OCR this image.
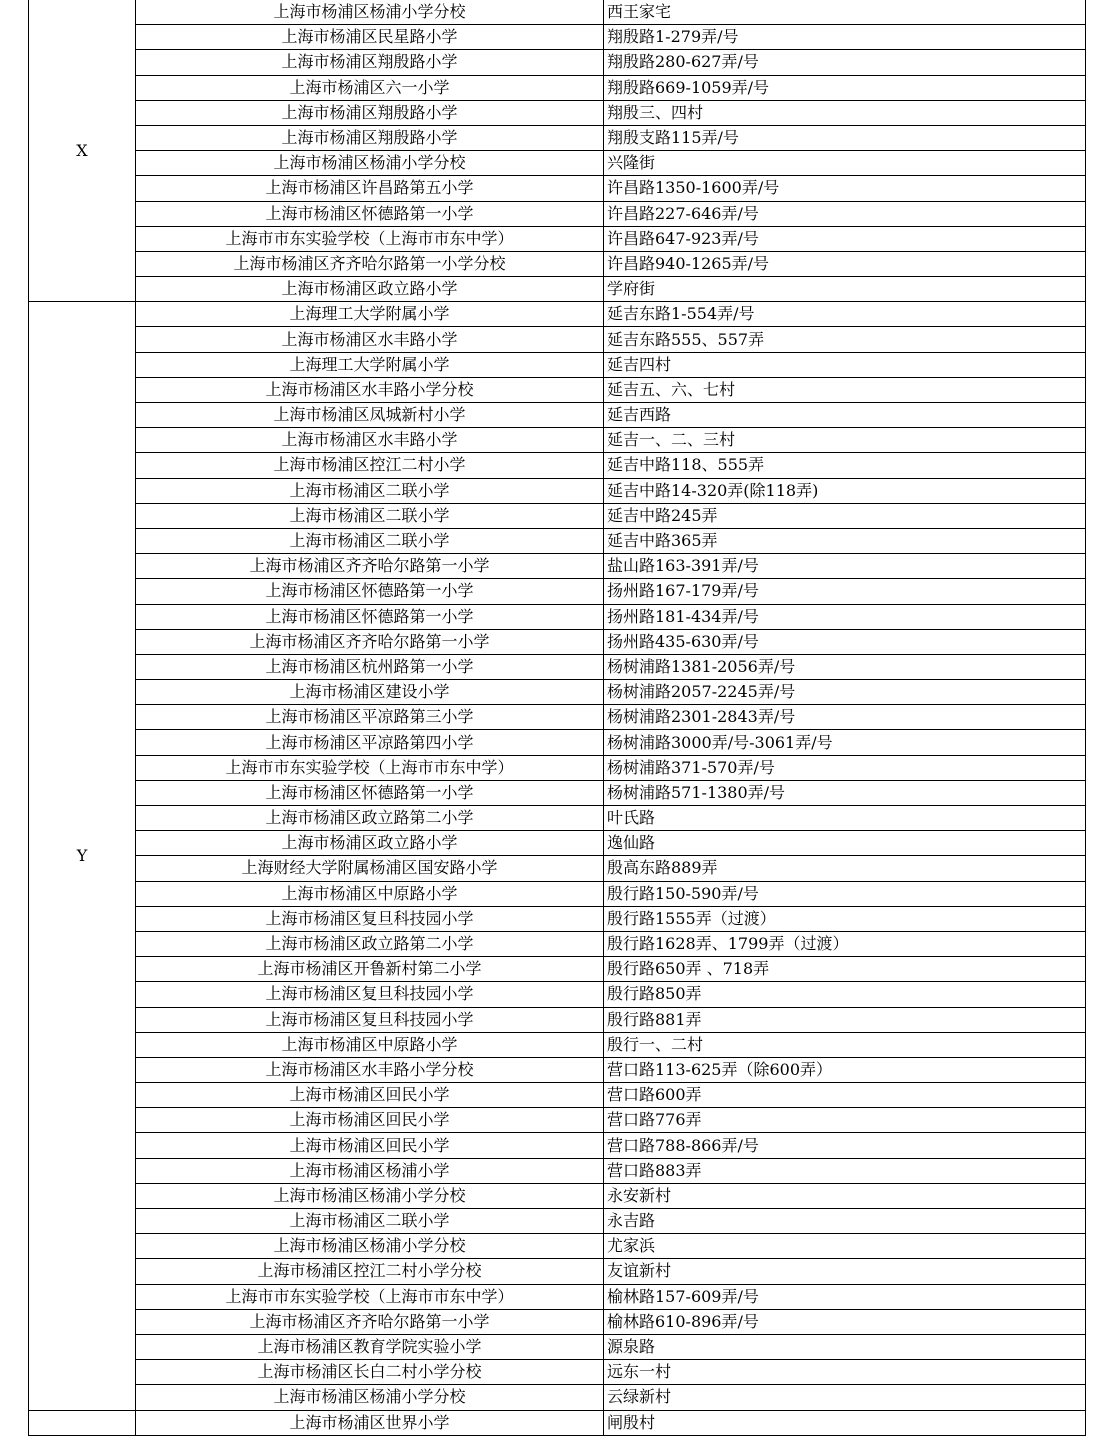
X	上海市杨浦区杨浦小学分校	西王家宅
	上海市杨浦区民星路小学	翔殷路1-279弄/号
	上海市杨浦区翔殷路小学	翔殷路280-627弄/号
	上海市杨浦区六一小学	翔殷路669-1059弄/号
	上海市杨浦区翔殷路小学	翔殷三、四村
	上海市杨浦区翔殷路小学	翔殷支路115弄/号
	上海市杨浦区杨浦小学分校	兴隆街
	上海市杨浦区许昌路第五小学	许昌路1350-1600弄/号
	上海市杨浦区怀德路第一小学	许昌路227-646弄/号
	上海市市东实验学校（上海市市东中学）	许昌路647-923弄/号
	上海市杨浦区齐齐哈尔路第一小学分校	许昌路940-1265弄/号
	上海市杨浦区政立路小学	学府街
Y	上海理工大学附属小学	延吉东路1-554弄/号
	上海市杨浦区水丰路小学	延吉东路555、557弄
	上海理工大学附属小学	延吉四村
	上海市杨浦区水丰路小学分校	延吉五、六、七村
	上海市杨浦区凤城新村小学	延吉西路
	上海市杨浦区水丰路小学	延吉一、二、三村
	上海市杨浦区控江二村小学	延吉中路118、555弄
	上海市杨浦区二联小学	延吉中路14-320弄(除118弄)
	上海市杨浦区二联小学	延吉中路245弄
	上海市杨浦区二联小学	延吉中路365弄
	上海市杨浦区齐齐哈尔路第一小学	盐山路163-391弄/号
	上海市杨浦区怀德路第一小学	扬州路167-179弄/号
	上海市杨浦区怀德路第一小学	扬州路181-434弄/号
	上海市杨浦区齐齐哈尔路第一小学	扬州路435-630弄/号
	上海市杨浦区杭州路第一小学	杨树浦路1381-2056弄/号
	上海市杨浦区建设小学	杨树浦路2057-2245弄/号
	上海市杨浦区平凉路第三小学	杨树浦路2301-2843弄/号
	上海市杨浦区平凉路第四小学	杨树浦路3000弄/号-3061弄/号
	上海市市东实验学校（上海市市东中学）	杨树浦路371-570弄/号
	上海市杨浦区怀德路第一小学	杨树浦路571-1380弄/号
	上海市杨浦区政立路第二小学	叶氏路
	上海市杨浦区政立路小学	逸仙路
	上海财经大学附属杨浦区国安路小学	殷高东路889弄
	上海市杨浦区中原路小学	殷行路150-590弄/号
	上海市杨浦区复旦科技园小学	殷行路1555弄（过渡）
	上海市杨浦区政立路第二小学	殷行路1628弄、1799弄（过渡）
	上海市杨浦区开鲁新村第二小学	殷行路650弄 、718弄
	上海市杨浦区复旦科技园小学	殷行路850弄
	上海市杨浦区复旦科技园小学	殷行路881弄
	上海市杨浦区中原路小学	殷行一、二村
	上海市杨浦区水丰路小学分校	营口路113-625弄（除600弄）
	上海市杨浦区回民小学	营口路600弄
	上海市杨浦区回民小学	营口路776弄
	上海市杨浦区回民小学	营口路788-866弄/号
	上海市杨浦区杨浦小学	营口路883弄
	上海市杨浦区杨浦小学分校	永安新村
	上海市杨浦区二联小学	永吉路
	上海市杨浦区杨浦小学分校	尤家浜
	上海市杨浦区控江二村小学分校	友谊新村
	上海市市东实验学校（上海市市东中学）	榆林路157-609弄/号
	上海市杨浦区齐齐哈尔路第一小学	榆林路610-896弄/号
	上海市杨浦区教育学院实验小学	源泉路
	上海市杨浦区长白二村小学分校	远东一村
	上海市杨浦区杨浦小学分校	云绿新村
	上海市杨浦区世界小学	闸殷村
